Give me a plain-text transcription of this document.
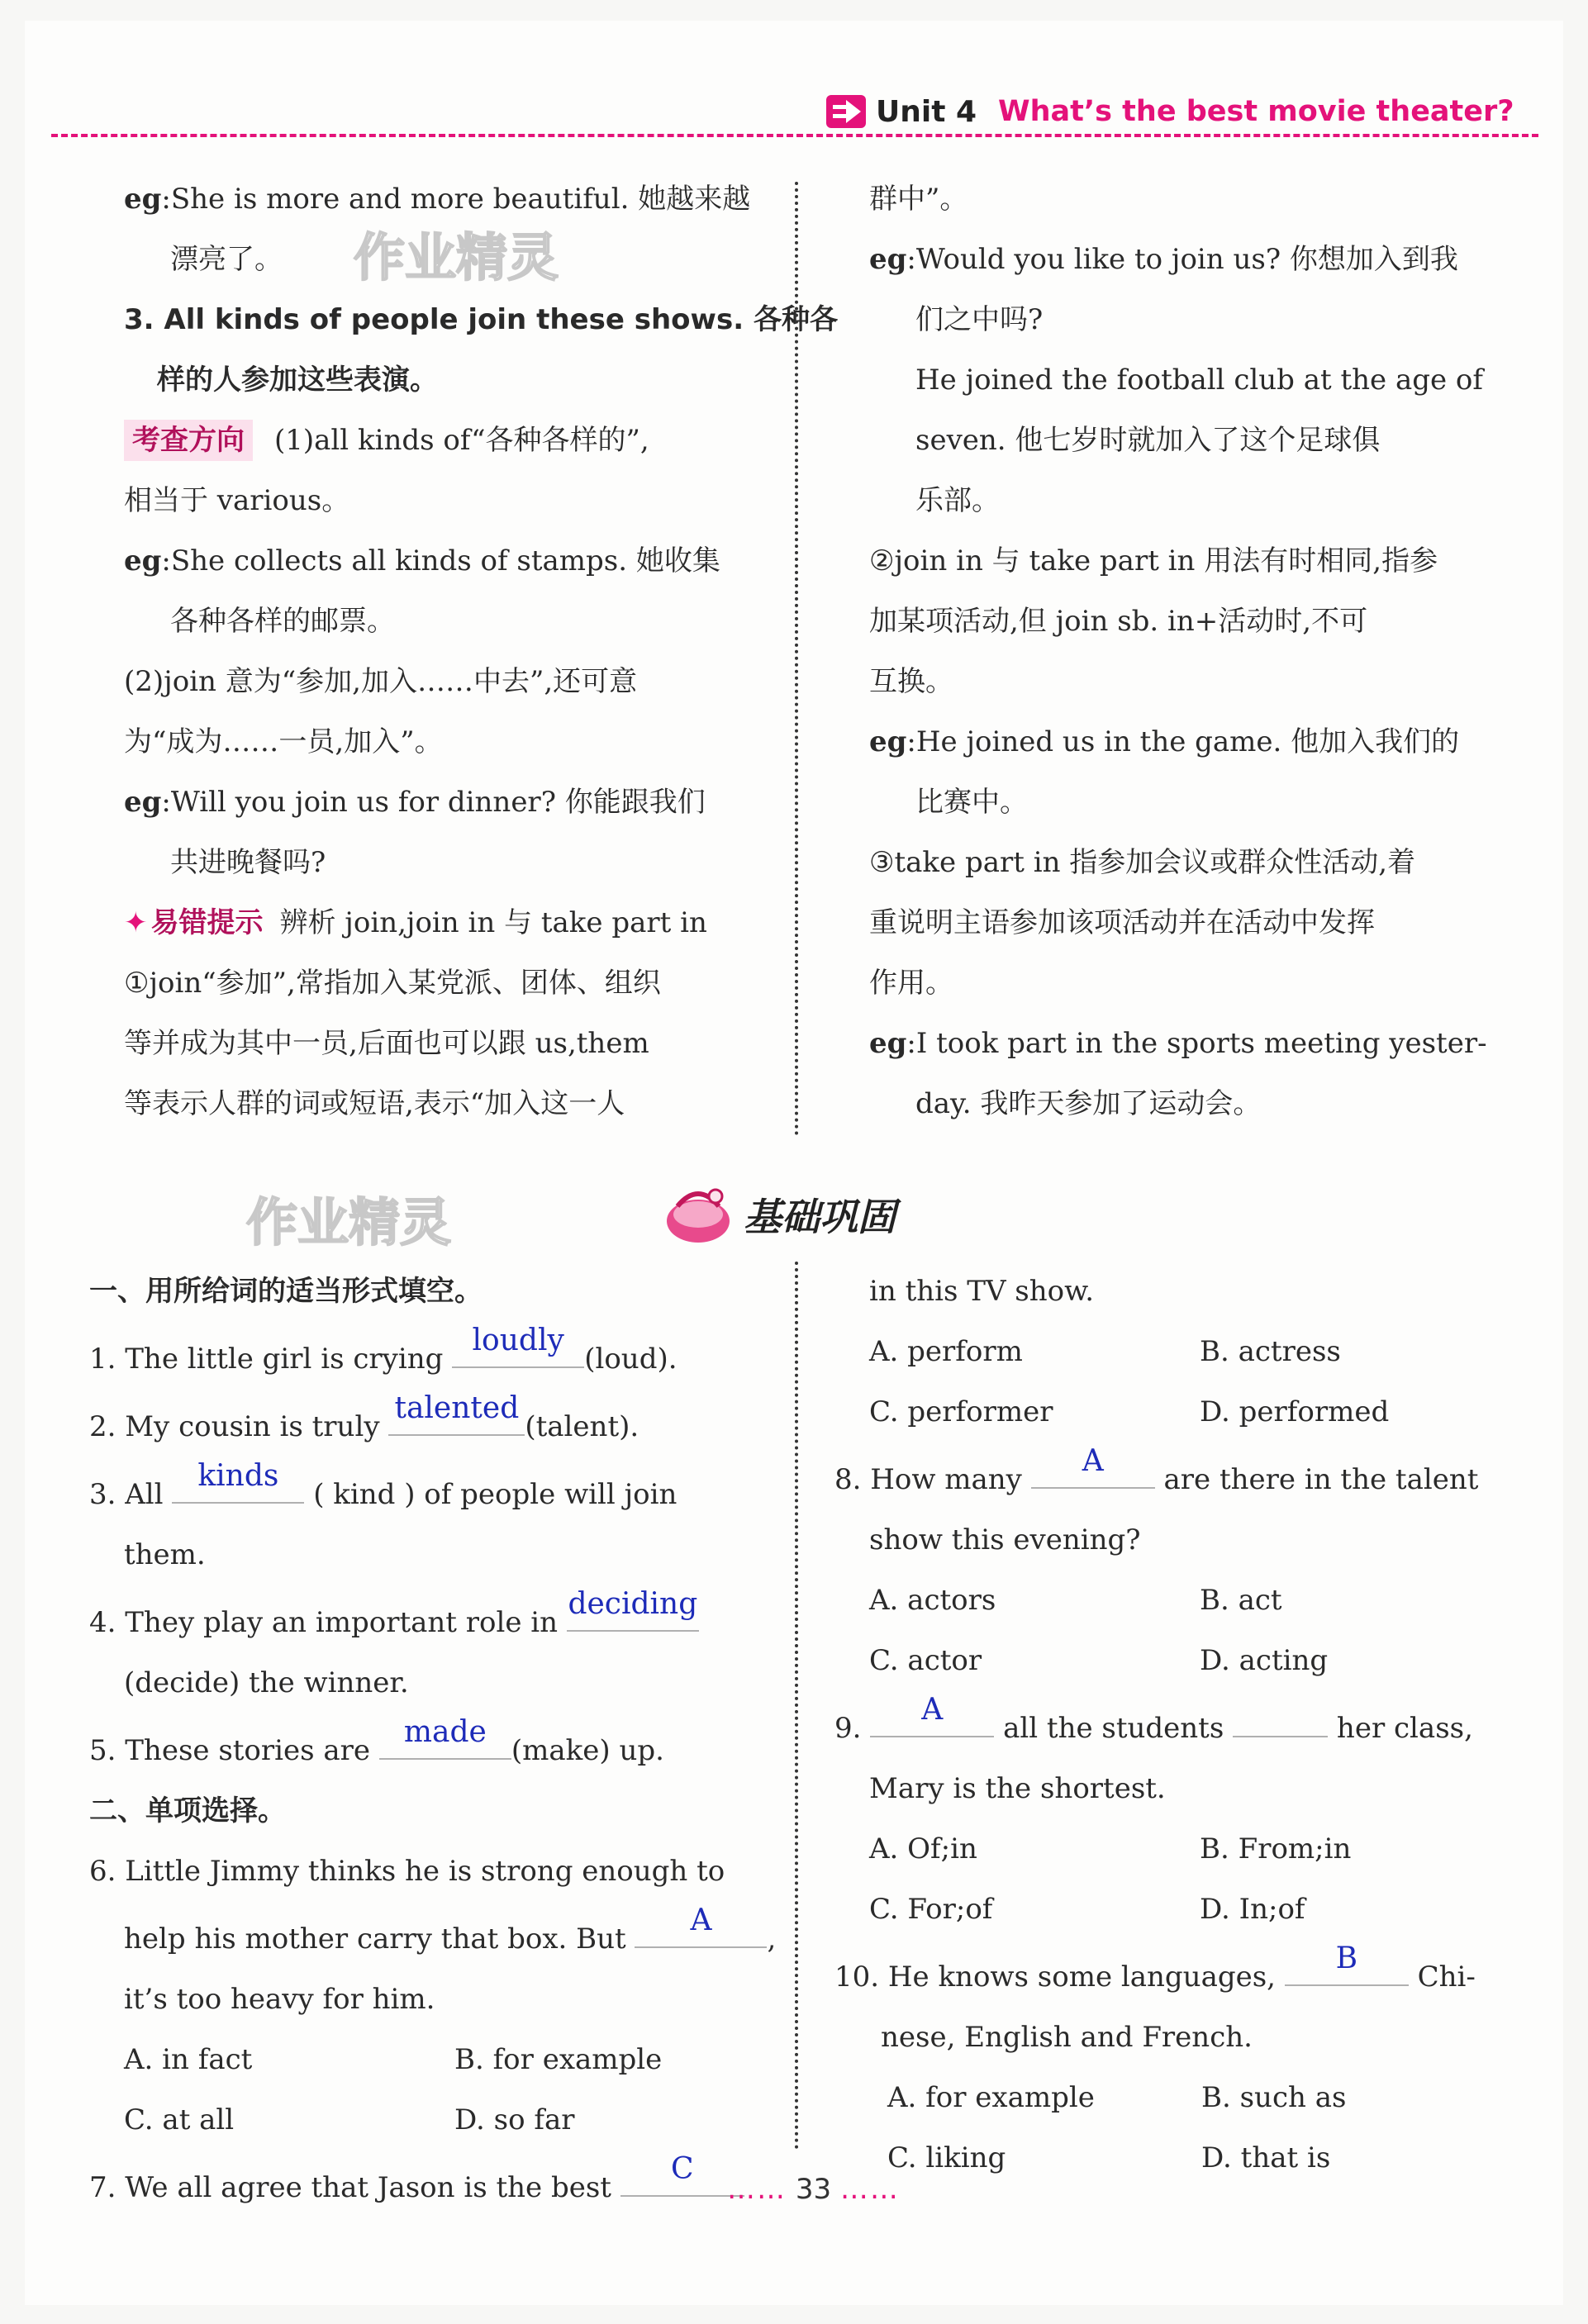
Unit 4 What’s the best movie theater?
作业精灵
作业精灵

eg:She is more and more beautiful. 她越来越

漂亮了。

3. All kinds of people join these shows. 各种各

样的人参加这些表演。

考查方向 (1)all kinds of“各种各样的”,

相当于 various。

eg:She collects all kinds of stamps. 她收集

各种各样的邮票。

(2)join 意为“参加,加入……中去”,还可意

为“成为……一员,加入”。

eg:Will you join us for dinner? 你能跟我们

共进晚餐吗?

✦ 易错提示 辨析 join,join in 与 take part in

①join“参加”,常指加入某党派、团体、组织

等并成为其中一员,后面也可以跟 us,them

等表示人群的词或短语,表示“加入这一人

群中”。

eg:Would you like to join us? 你想加入到我

们之中吗?

He joined the football club at the age of

seven. 他七岁时就加入了这个足球俱

乐部。

②join in 与 take part in 用法有时相同,指参

加某项活动,但 join sb. in+活动时,不可

互换。

eg:He joined us in the game. 他加入我们的

比赛中。

③take part in 指参加会议或群众性活动,着

重说明主语参加该项活动并在活动中发挥

作用。

eg:I took part in the sports meeting yester-

day. 我昨天参加了运动会。

基础巩固

一、用所给词的适当形式填空。

1. The little girl is crying
loudly
(loud).

2. My cousin is truly
talented
(talent).

3. All
kinds
( kind ) of people will join

them.

4. They play an important role in
deciding

(decide) the winner.

5. These stories are
made
(make) up.

二、单项选择。

6. Little Jimmy thinks he is strong enough to

help his mother carry that box. But
A
,

it’s too heavy for him.

A. in fact	B. for example

C. at all	D. so far

7. We all agree that Jason is the best
C

in this TV show.

A. perform	B. actress

C. performer	D. performed

8. How many
A
are there in the talent

show this evening?

A. actors	B. act

C. actor	D. acting

9.
A
all the students	her class,

Mary is the shortest.

A. Of;in	B. From;in

C. For;of	D. In;of

10. He knows some languages,
B
Chi-

nese, English and French.

A. for example	B. such as

C. liking	D. that is

…… 33 ……
